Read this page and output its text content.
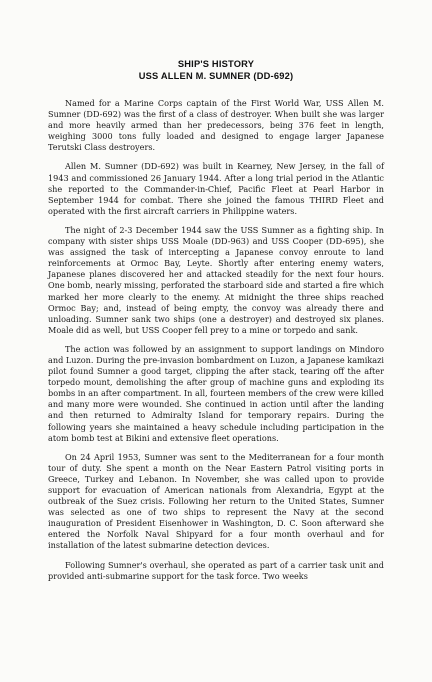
SHIP'S HISTORY
USS ALLEN M. SUMNER (DD-692)

Named for a Marine Corps captain of the First World War, USS Allen M. Sumner (DD-692) was the first of a class of destroyer. When built she was larger and more heavily armed than her predecessors, being 376 feet in length, weighing 3000 tons fully loaded and designed to engage larger Japanese Terutski Class destroyers.

Allen M. Sumner (DD-692) was built in Kearney, New Jersey, in the fall of 1943 and commissioned 26 January 1944. After a long trial period in the Atlantic she reported to the Commander-in-Chief, Pacific Fleet at Pearl Harbor in September 1944 for combat. There she joined the famous THIRD Fleet and operated with the first aircraft carriers in Philippine waters.

The night of 2-3 December 1944 saw the USS Sumner as a fighting ship. In company with sister ships USS Moale (DD-963) and USS Cooper (DD-695), she was assigned the task of intercepting a Japanese convoy enroute to land reinforcements at Ormoc Bay, Leyte. Shortly after entering enemy waters, Japanese planes discovered her and attacked steadily for the next four hours. One bomb, nearly missing, perforated the starboard side and started a fire which marked her more clearly to the enemy. At midnight the three ships reached Ormoc Bay; and, instead of being empty, the convoy was already there and unloading. Sumner sank two ships (one a destroyer) and destroyed six planes. Moale did as well, but USS Cooper fell prey to a mine or torpedo and sank.

The action was followed by an assignment to support landings on Mindoro and Luzon. During the pre-invasion bombardment on Luzon, a Japanese kamikazi pilot found Sumner a good target, clipping the after stack, tearing off the after torpedo mount, demolishing the after group of machine guns and exploding its bombs in an after compartment. In all, fourteen members of the crew were killed and many more were wounded. She continued in action until after the landing and then returned to Admiralty Island for temporary repairs. During the following years she maintained a heavy schedule including participation in the atom bomb test at Bikini and extensive fleet operations.

On 24 April 1953, Sumner was sent to the Mediterranean for a four month tour of duty. She spent a month on the Near Eastern Patrol visiting ports in Greece, Turkey and Lebanon. In November, she was called upon to provide support for evacuation of American nationals from Alexandria, Egypt at the outbreak of the Suez crisis. Following her return to the United States, Sumner was selected as one of two ships to represent the Navy at the second inauguration of President Eisenhower in Washington, D. C. Soon afterward she entered the Norfolk Naval Shipyard for a four month overhaul and for installation of the latest submarine detection devices.

Following Sumner's overhaul, she operated as part of a carrier task unit and provided anti-submarine support for the task force. Two weeks
